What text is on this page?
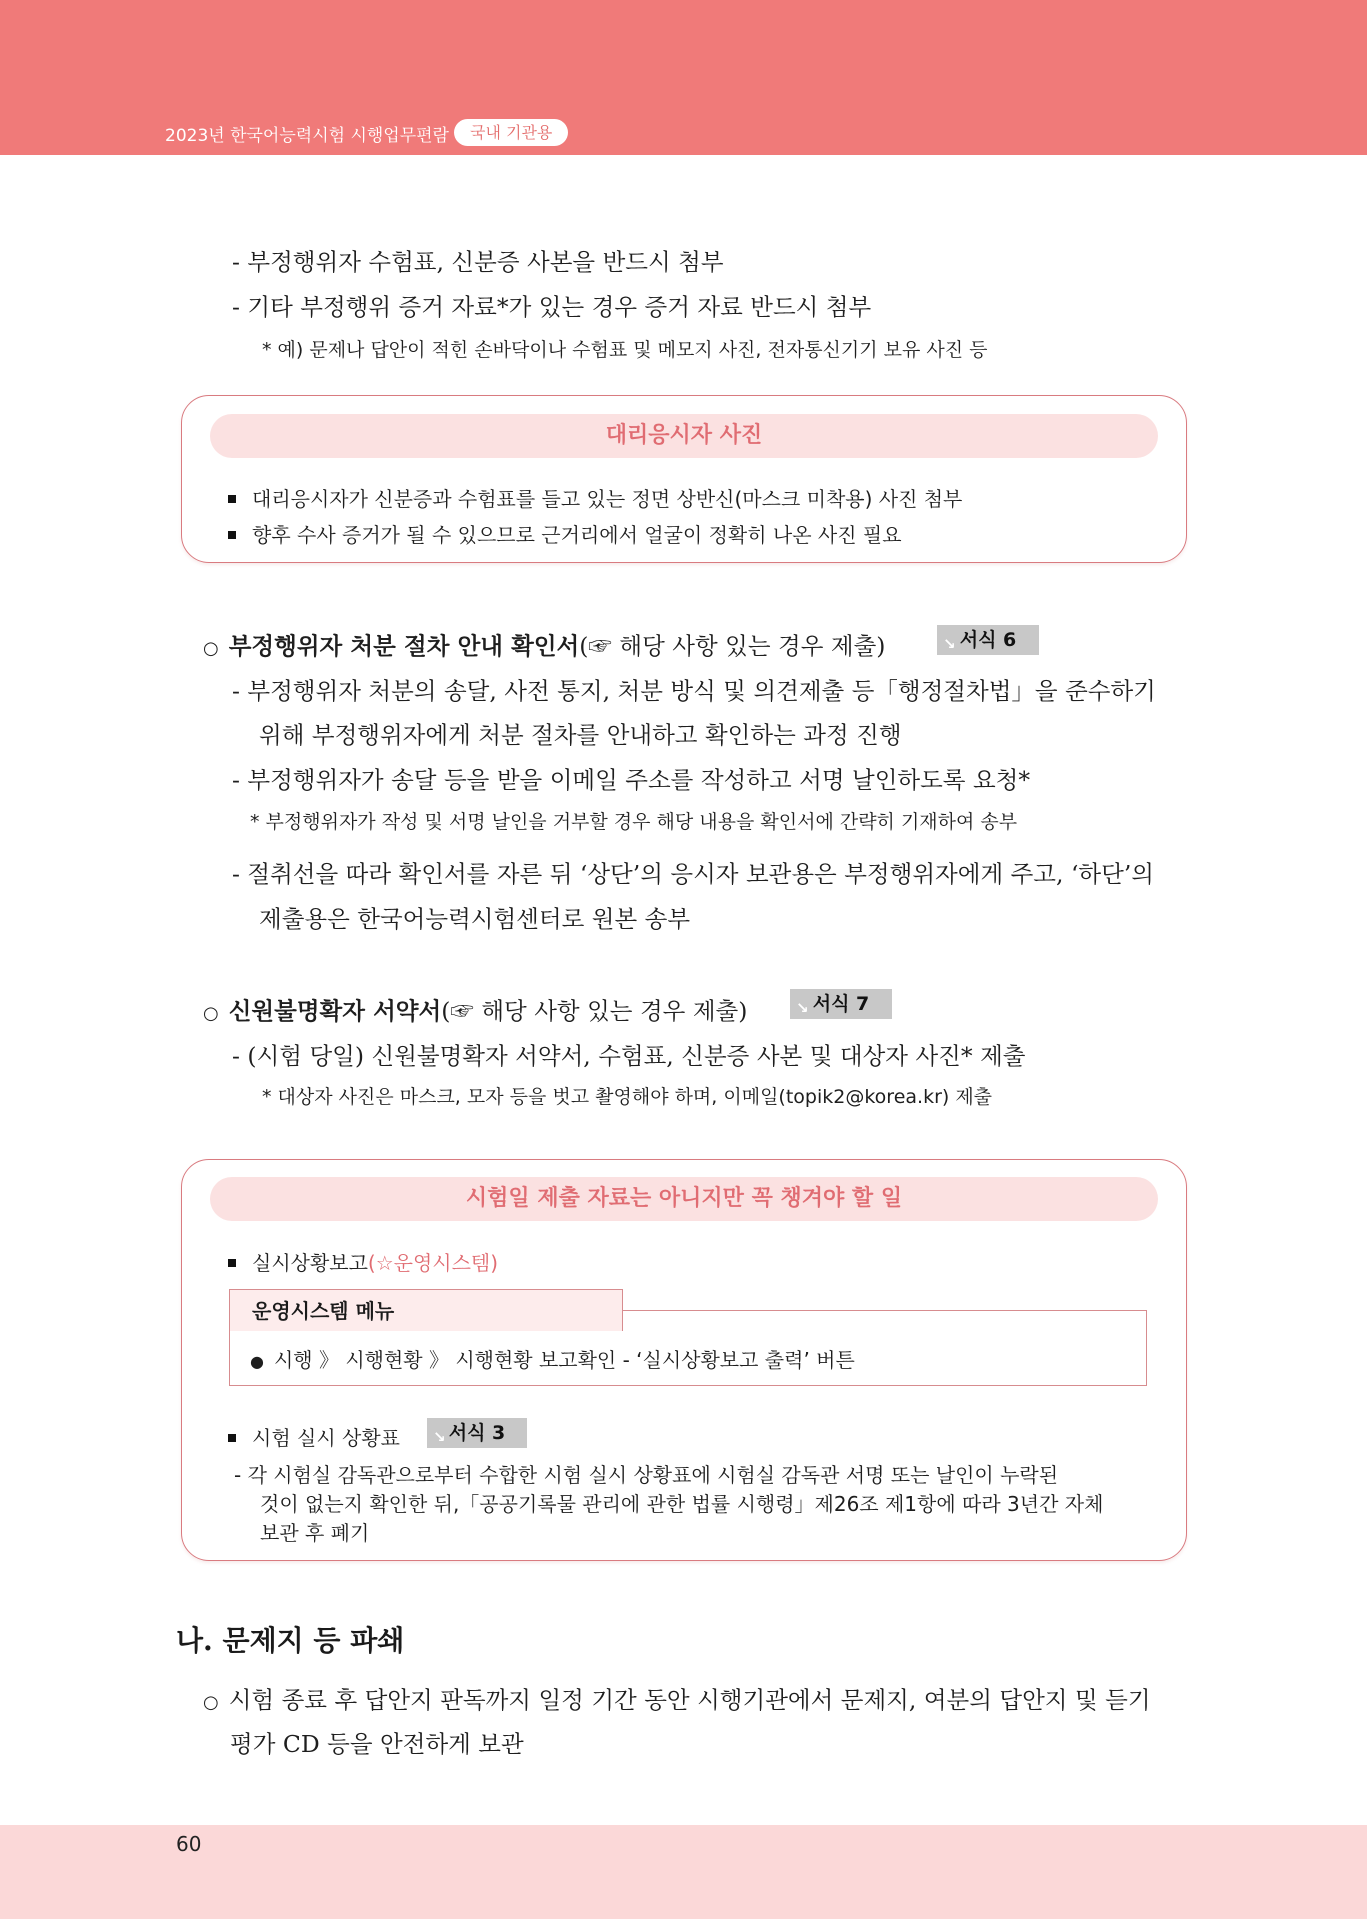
2023년 한국어능력시험 시행업무편람	국내 기관용
- 부정행위자 수험표, 신분증 사본을 반드시 첨부
- 기타 부정행위 증거 자료*가 있는 경우 증거 자료 반드시 첨부
* 예) 문제나 답안이 적힌 손바닥이나 수험표 및 메모지 사진, 전자통신기기 보유 사진 등
대리응시자 사진
대리응시자가 신분증과 수험표를 들고 있는 정면 상반신(마스크 미착용) 사진 첨부
향후 수사 증거가 될 수 있으므로 근거리에서 얼굴이 정확히 나온 사진 필요
○ 부정행위자 처분 절차 안내 확인서(☞ 해당 사항 있는 경우 제출)	↘ 서식 6
- 부정행위자 처분의 송달, 사전 통지, 처분 방식 및 의견제출 등「행정절차법」을 준수하기
위해 부정행위자에게 처분 절차를 안내하고 확인하는 과정 진행
- 부정행위자가 송달 등을 받을 이메일 주소를 작성하고 서명 날인하도록 요청*
* 부정행위자가 작성 및 서명 날인을 거부할 경우 해당 내용을 확인서에 간략히 기재하여 송부
- 절취선을 따라 확인서를 자른 뒤 ‘상단’의 응시자 보관용은 부정행위자에게 주고, ‘하단’의
제출용은 한국어능력시험센터로 원본 송부
○ 신원불명확자 서약서(☞ 해당 사항 있는 경우 제출)	↘ 서식 7
- (시험 당일) 신원불명확자 서약서, 수험표, 신분증 사본 및 대상자 사진* 제출
* 대상자 사진은 마스크, 모자 등을 벗고 촬영해야 하며, 이메일(topik2@korea.kr) 제출
시험일 제출 자료는 아니지만 꼭 챙겨야 할 일
실시상황보고(☆운영시스템)
운영시스템 메뉴
● 시행 》 시행현황 》 시행현황 보고확인 - ‘실시상황보고 출력’ 버튼
시험 실시 상황표 ↘ 서식 3
- 각 시험실 감독관으로부터 수합한 시험 실시 상황표에 시험실 감독관 서명 또는 날인이 누락된
것이 없는지 확인한 뒤,「공공기록물 관리에 관한 법률 시행령」제26조 제1항에 따라 3년간 자체
보관 후 폐기
나. 문제지 등 파쇄
○ 시험 종료 후 답안지 판독까지 일정 기간 동안 시행기관에서 문제지, 여분의 답안지 및 듣기
평가 CD 등을 안전하게 보관
60
